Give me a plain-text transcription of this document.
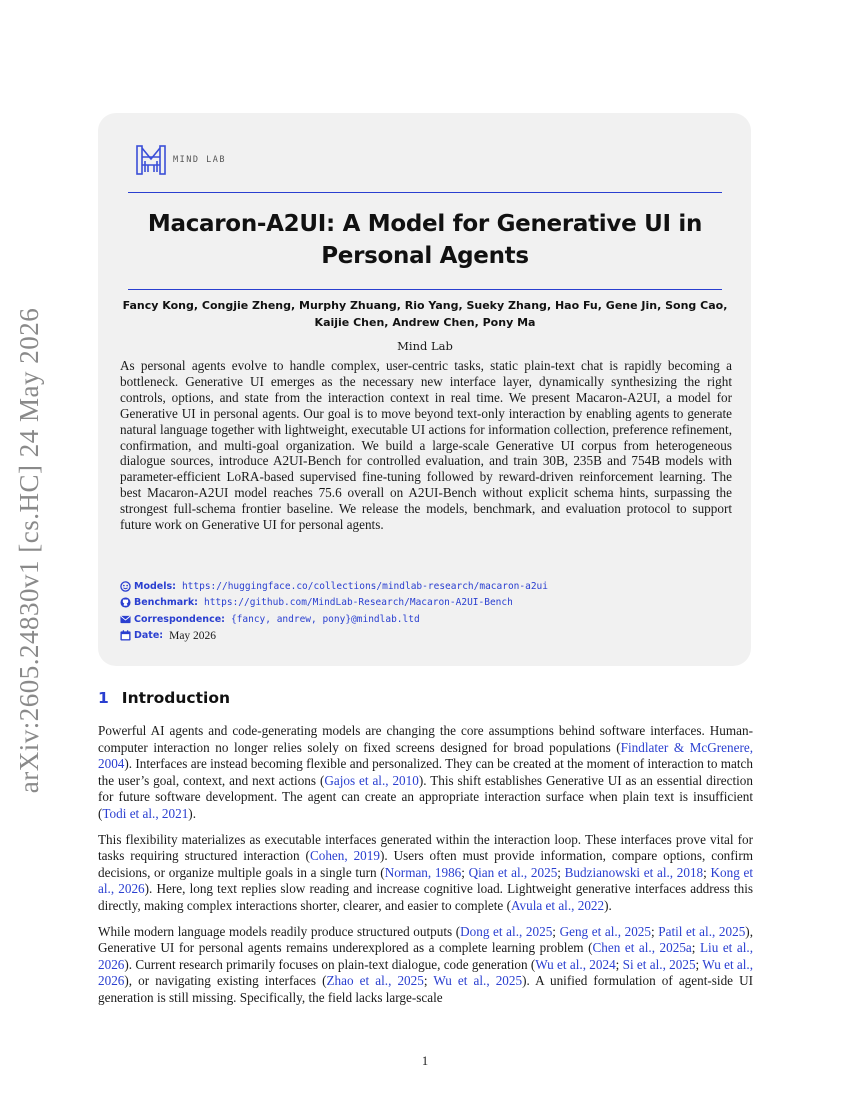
arXiv:2605.24830v1 [cs.HC] 24 May 2026
MIND LAB
Macaron-A2UI: A Model for Generative UI in
Personal Agents
Fancy Kong, Congjie Zheng, Murphy Zhuang, Rio Yang, Sueky Zhang, Hao Fu, Gene Jin, Song Cao,
Kaijie Chen, Andrew Chen, Pony Ma
Mind Lab

As personal agents evolve to handle complex, user-centric tasks, static plain-text chat is rapidly becoming a bottleneck. Generative UI emerges as the necessary new interface layer, dynamically synthesizing the right controls, options, and state from the interaction context in real time. We present Macaron-A2UI, a model for Generative UI in personal agents. Our goal is to move beyond text-only interaction by enabling agents to generate natural language together with lightweight, executable UI actions for information collection, preference refinement, confirmation, and multi-goal organization. We build a large-scale Generative UI corpus from heterogeneous dialogue sources, introduce A2UI-Bench for controlled evaluation, and train 30B, 235B and 754B models with parameter-efficient LoRA-based supervised fine-tuning followed by reward-driven reinforcement learning. The best Macaron-A2UI model reaches 75.6 overall on A2UI-Bench without explicit schema hints, surpassing the strongest full-schema frontier baseline. We release the models, benchmark, and evaluation protocol to support future work on Generative UI for personal agents.

Models: https://huggingface.co/collections/mindlab-research/macaron-a2ui
Benchmark: https://github.com/MindLab-Research/Macaron-A2UI-Bench
Correspondence: {fancy, andrew, pony}@mindlab.ltd
Date: May 2026
1 Introduction

Powerful AI agents and code-generating models are changing the core assumptions behind software interfaces. Human-computer interaction no longer relies solely on fixed screens designed for broad populations (Findlater & McGrenere, 2004). Interfaces are instead becoming flexible and personalized. They can be created at the moment of interaction to match the user’s goal, context, and next actions (Gajos et al., 2010). This shift establishes Generative UI as an essential direction for future software development. The agent can create an appropriate interaction surface when plain text is insufficient (Todi et al., 2021).

This flexibility materializes as executable interfaces generated within the interaction loop. These interfaces prove vital for tasks requiring structured interaction (Cohen, 2019). Users often must provide information, compare options, confirm decisions, or organize multiple goals in a single turn (Norman, 1986; Qian et al., 2025; Budzianowski et al., 2018; Kong et al., 2026). Here, long text replies slow reading and increase cognitive load. Lightweight generative interfaces address this directly, making complex interactions shorter, clearer, and easier to complete (Avula et al., 2022).

While modern language models readily produce structured outputs (Dong et al., 2025; Geng et al., 2025; Patil et al., 2025), Generative UI for personal agents remains underexplored as a complete learning problem (Chen et al., 2025a; Liu et al., 2026). Current research primarily focuses on plain-text dialogue, code generation (Wu et al., 2024; Si et al., 2025; Wu et al., 2026), or navigating existing interfaces (Zhao et al., 2025; Wu et al., 2025). A unified formulation of agent-side UI generation is still missing. Specifically, the field lacks large-scale

1
